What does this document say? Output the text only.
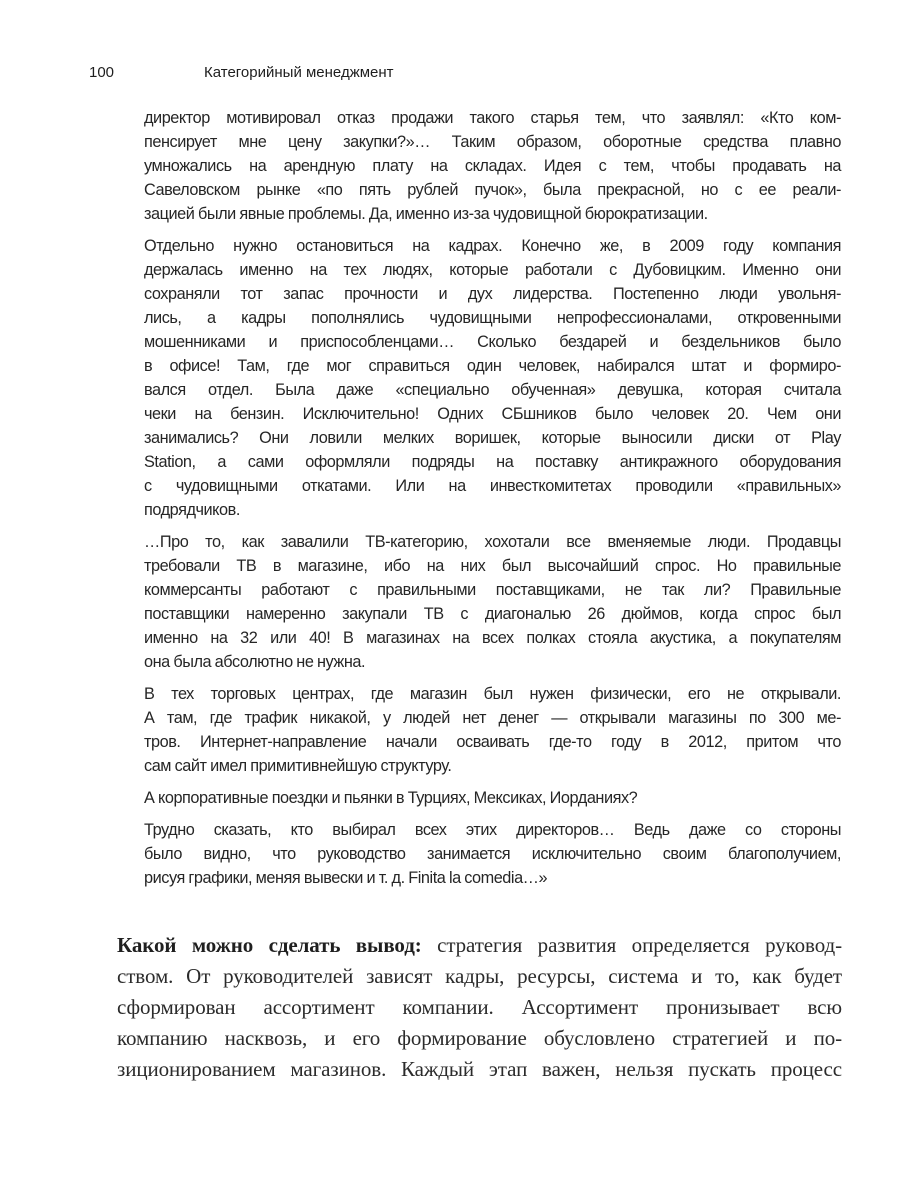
100	Категорийный менеджмент
директор мотивировал отказ продажи такого старья тем, что заявлял: «Кто ком-
пенсирует мне цену закупки?»… Таким образом, оборотные средства плавно
умножались на арендную плату на складах. Идея с тем, чтобы продавать на
Савеловском рынке «по пять рублей пучок», была прекрасной, но с ее реали-
зацией были явные проблемы. Да, именно из-за чудовищной бюрократизации.
Отдельно нужно остановиться на кадрах. Конечно же, в 2009 году компания
держалась именно на тех людях, которые работали с Дубовицким. Именно они
сохраняли тот запас прочности и дух лидерства. Постепенно люди увольня-
лись, а кадры пополнялись чудовищными непрофессионалами, откровенными
мошенниками и приспособленцами… Сколько бездарей и бездельников было
в офисе! Там, где мог справиться один человек, набирался штат и формиро-
вался отдел. Была даже «специально обученная» девушка, которая считала
чеки на бензин. Исключительно! Одних СБшников было человек 20. Чем они
занимались? Они ловили мелких воришек, которые выносили диски от Play
Station, а сами оформляли подряды на поставку антикражного оборудования
с чудовищными откатами. Или на инвесткомитетах проводили «правильных»
подрядчиков.
…Про то, как завалили ТВ-категорию, хохотали все вменяемые люди. Продавцы
требовали ТВ в магазине, ибо на них был высочайший спрос. Но правильные
коммерсанты работают с правильными поставщиками, не так ли? Правильные
поставщики намеренно закупали ТВ с диагональю 26 дюймов, когда спрос был
именно на 32 или 40! В магазинах на всех полках стояла акустика, а покупателям
она была абсолютно не нужна.
В тех торговых центрах, где магазин был нужен физически, его не открывали.
А там, где трафик никакой, у людей нет денег — открывали магазины по 300 ме-
тров. Интернет-направление начали осваивать где-то году в 2012, притом что
сам сайт имел примитивнейшую структуру.
А корпоративные поездки и пьянки в Турциях, Мексиках, Иорданиях?
Трудно сказать, кто выбирал всех этих директоров… Ведь даже со стороны
было видно, что руководство занимается исключительно своим благополучием,
рисуя графики, меняя вывески и т. д. Finita la comedia…»
Какой можно сделать вывод: стратегия развития определяется руковод-
ством. От руководителей зависят кадры, ресурсы, система и то, как будет
сформирован ассортимент компании. Ассортимент пронизывает всю
компанию насквозь, и его формирование обусловлено стратегией и по-
зиционированием магазинов. Каждый этап важен, нельзя пускать процесс
